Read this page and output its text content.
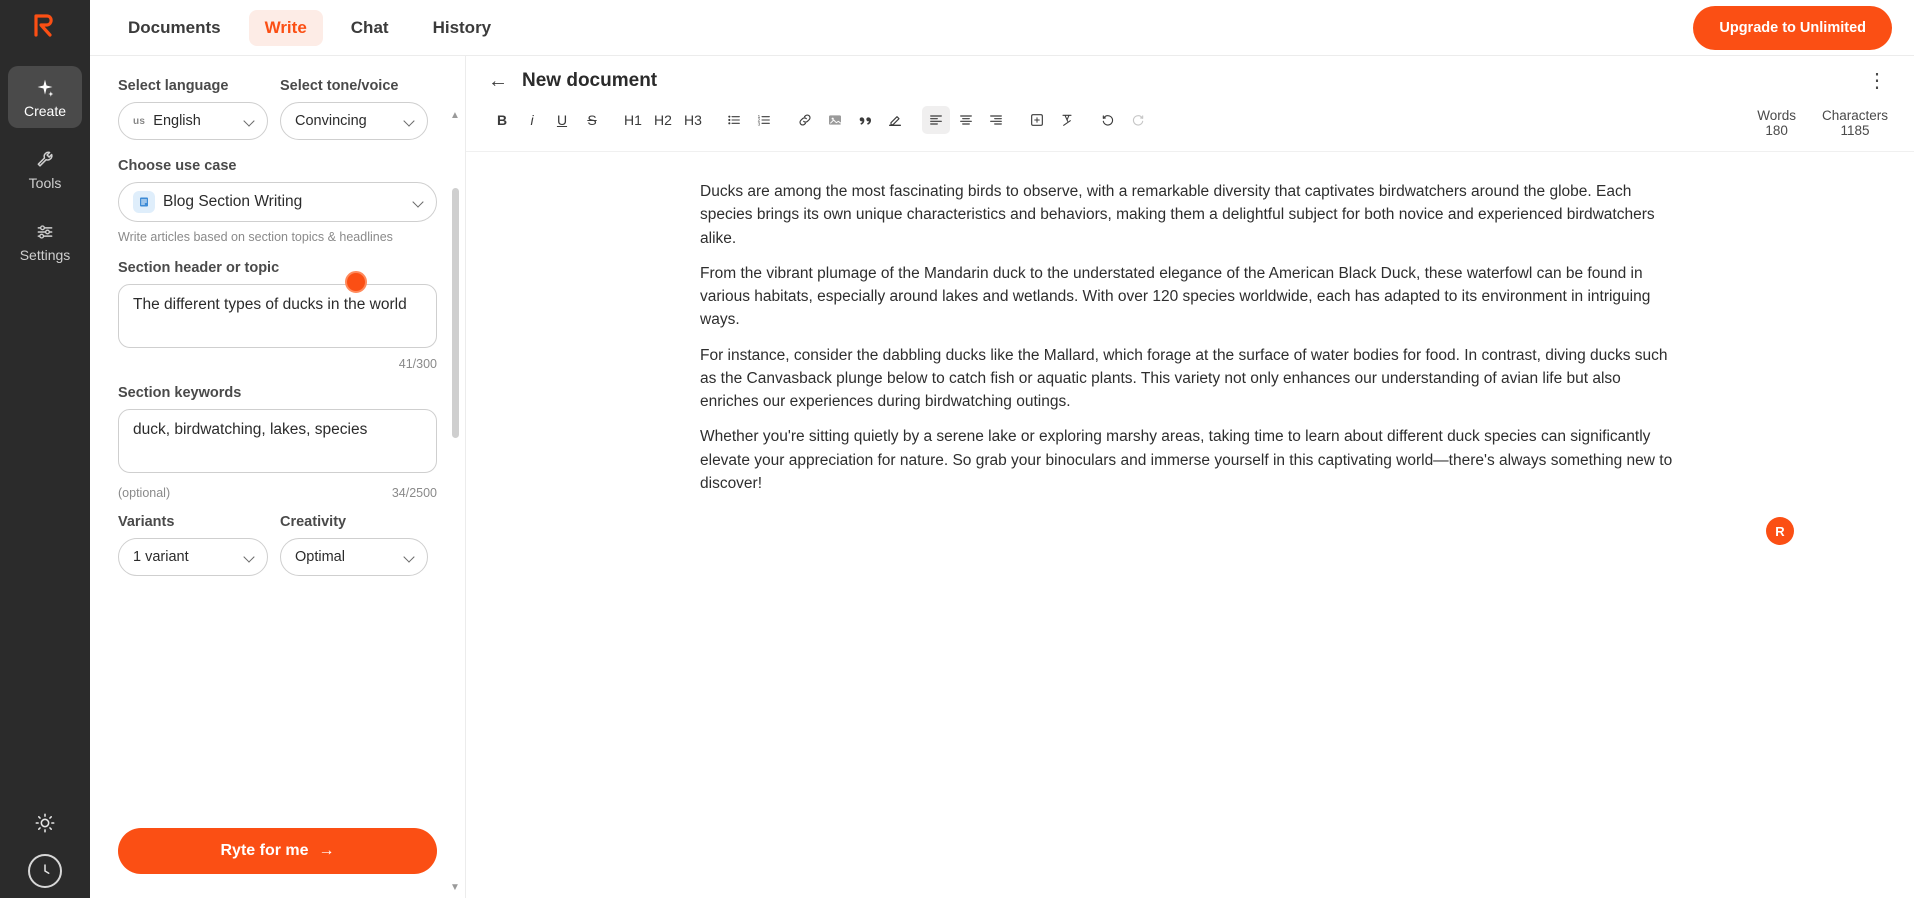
Create
Tools
Settings
Documents	Write	Chat	History	Upgrade to Unlimited
Select language
us English
Select tone/voice
Convincing
Choose use case
Blog Section Writing
Write articles based on section topics & headlines
Section header or topic
The different types of ducks in the world
41/300
Section keywords
duck, birdwatching, lakes, species
(optional)	34/2500
Variants
1 variant
Creativity
Optimal
Ryte for me →
▲
▼
← New document	⋮
B	i	U	S	H1 H2 H3	1
2
3
Words
180
Characters
1185

Ducks are among the most fascinating birds to observe, with a remarkable diversity that captivates birdwatchers around the globe. Each species brings its own unique characteristics and behaviors, making them a delightful subject for both novice and experienced birdwatchers alike.

From the vibrant plumage of the Mandarin duck to the understated elegance of the American Black Duck, these waterfowl can be found in various habitats, especially around lakes and wetlands. With over 120 species worldwide, each has adapted to its environment in intriguing ways.

For instance, consider the dabbling ducks like the Mallard, which forage at the surface of water bodies for food. In contrast, diving ducks such as the Canvasback plunge below to catch fish or aquatic plants. This variety not only enhances our understanding of avian life but also enriches our experiences during birdwatching outings.

Whether you're sitting quietly by a serene lake or exploring marshy areas, taking time to learn about different duck species can significantly elevate your appreciation for nature. So grab your binoculars and immerse yourself in this captivating world—there's always something new to discover!

R
